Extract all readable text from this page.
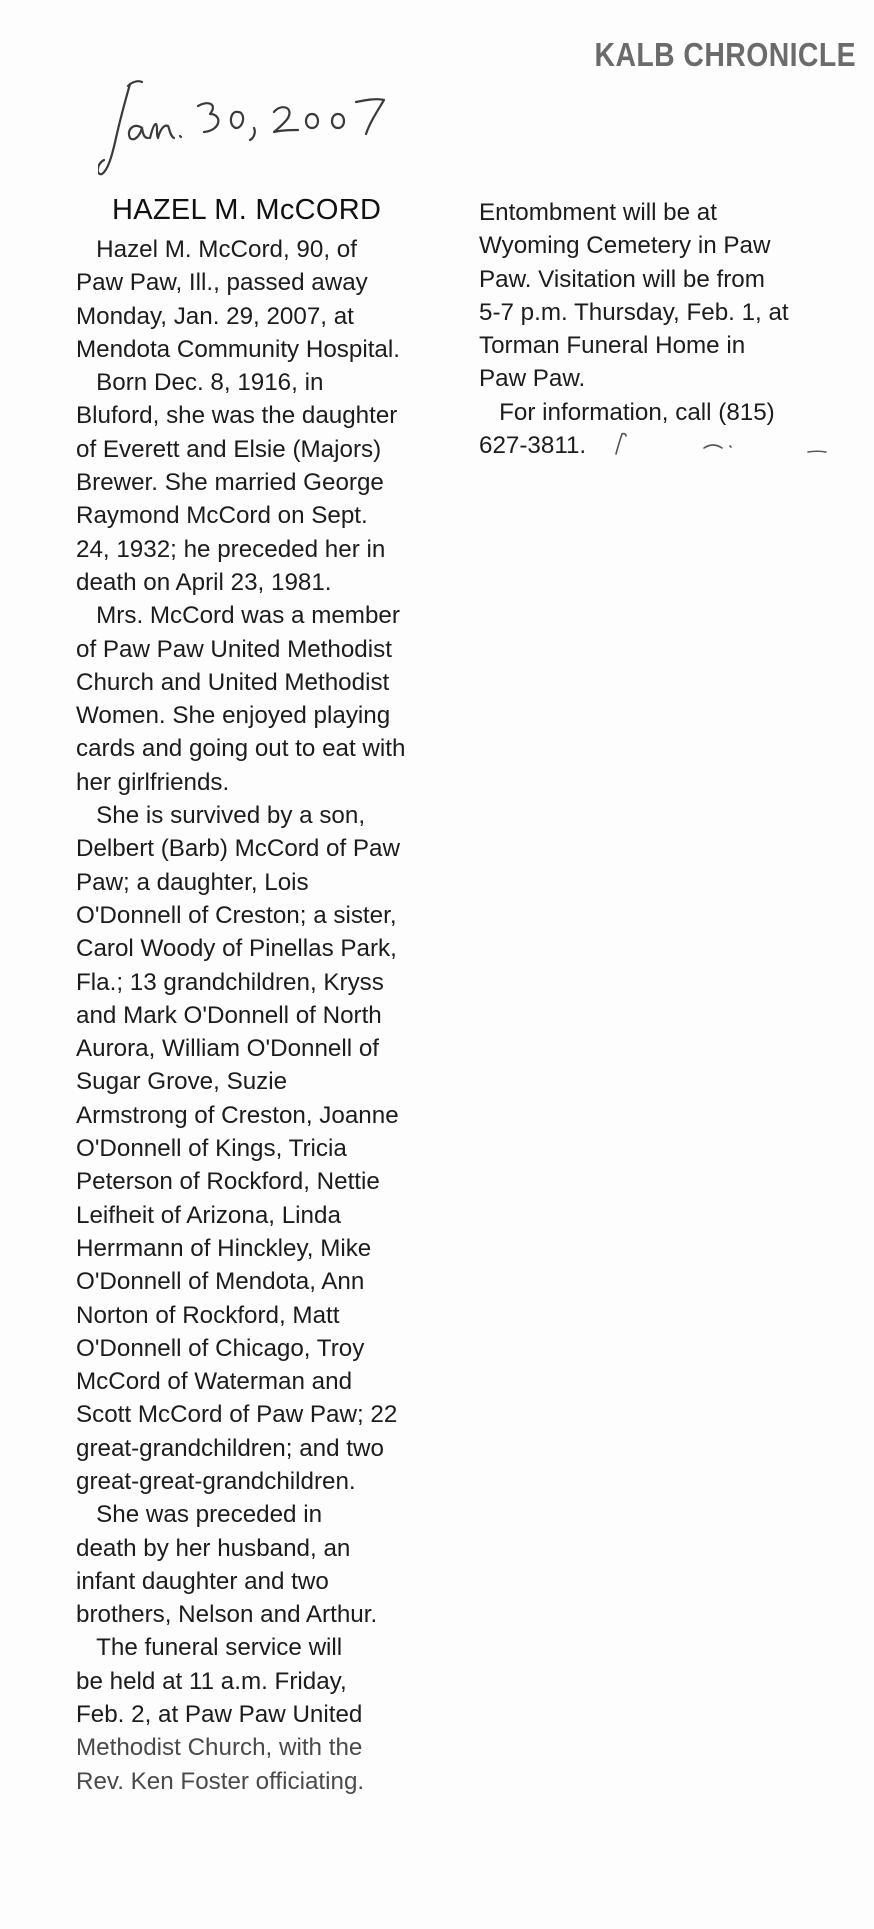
KALB CHRONICLE
HAZEL M. McCORD
Hazel M. McCord, 90, of
Paw Paw, Ill., passed away
Monday, Jan. 29, 2007, at
Mendota Community Hospital.
Born Dec. 8, 1916, in
Bluford, she was the daughter
of Everett and Elsie (Majors)
Brewer. She married George
Raymond McCord on Sept.
24, 1932; he preceded her in
death on April 23, 1981.
Mrs. McCord was a member
of Paw Paw United Methodist
Church and United Methodist
Women. She enjoyed playing
cards and going out to eat with
her girlfriends.
She is survived by a son,
Delbert (Barb) McCord of Paw
Paw; a daughter, Lois
O'Donnell of Creston; a sister,
Carol Woody of Pinellas Park,
Fla.; 13 grandchildren, Kryss
and Mark O'Donnell of North
Aurora, William O'Donnell of
Sugar Grove, Suzie
Armstrong of Creston, Joanne
O'Donnell of Kings, Tricia
Peterson of Rockford, Nettie
Leifheit of Arizona, Linda
Herrmann of Hinckley, Mike
O'Donnell of Mendota, Ann
Norton of Rockford, Matt
O'Donnell of Chicago, Troy
McCord of Waterman and
Scott McCord of Paw Paw; 22
great-grandchildren; and two
great-great-grandchildren.
She was preceded in
death by her husband, an
infant daughter and two
brothers, Nelson and Arthur.
The funeral service will
be held at 11 a.m. Friday,
Feb. 2, at Paw Paw United
Methodist Church, with the
Rev. Ken Foster officiating.
Entombment will be at
Wyoming Cemetery in Paw
Paw. Visitation will be from
5-7 p.m. Thursday, Feb. 1, at
Torman Funeral Home in
Paw Paw.
For information, call (815)
627-3811.
